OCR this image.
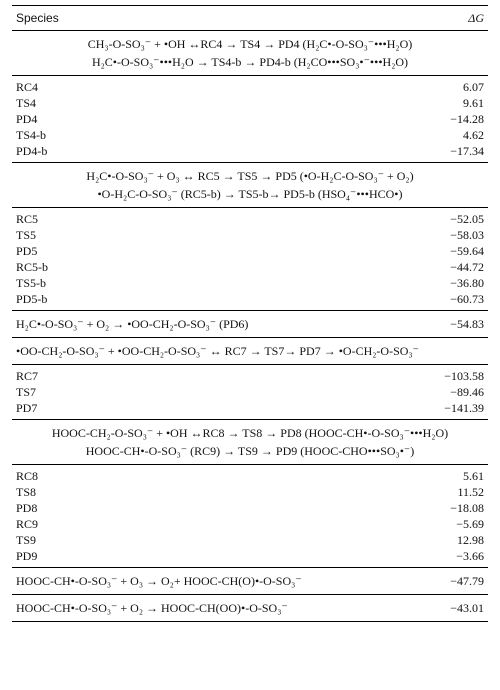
Species	ΔG
CH₃-O-SO₃⁻ + •OH ↔RC4 → TS4 → PD4 (H₂C•-O-SO₃⁻•••H₂O)
H₂C•-O-SO₃⁻•••H₂O → TS4-b → PD4-b (H₂CO•••SO₃•⁻•••H₂O)
RC4	6.07
TS4	9.61
PD4	−14.28
TS4-b	4.62
PD4-b	−17.34
H₂C•-O-SO₃⁻ + O₃ ↔ RC5 → TS5 → PD5 (•O-H₂C-O-SO₃⁻ + O₂)
•O-H₂C-O-SO₃⁻ (RC5-b) → TS5-b→ PD5-b (HSO₄⁻•••HCO•)
RC5	−52.05
TS5	−58.03
PD5	−59.64
RC5-b	−44.72
TS5-b	−36.80
PD5-b	−60.73
H₂C•-O-SO₃⁻ + O₂ → •OO-CH₂-O-SO₃⁻ (PD6)	−54.83
•OO-CH₂-O-SO₃⁻ + •OO-CH₂-O-SO₃⁻ ↔ RC7 → TS7→ PD7 → •O-CH₂-O-SO₃⁻
RC7	−103.58
TS7	−89.46
PD7	−141.39
HOOC-CH₂-O-SO₃⁻ + •OH ↔RC8 → TS8 → PD8 (HOOC-CH•-O-SO₃⁻•••H₂O)
HOOC-CH•-O-SO₃⁻ (RC9) → TS9 → PD9 (HOOC-CHO•••SO₃•⁻)
RC8	5.61
TS8	11.52
PD8	−18.08
RC9	−5.69
TS9	12.98
PD9	−3.66
HOOC-CH•-O-SO₃⁻ + O₃ → O₂+ HOOC-CH(O)•-O-SO₃⁻	−47.79
HOOC-CH•-O-SO₃⁻ + O₂ → HOOC-CH(OO)•-O-SO₃⁻	−43.01
